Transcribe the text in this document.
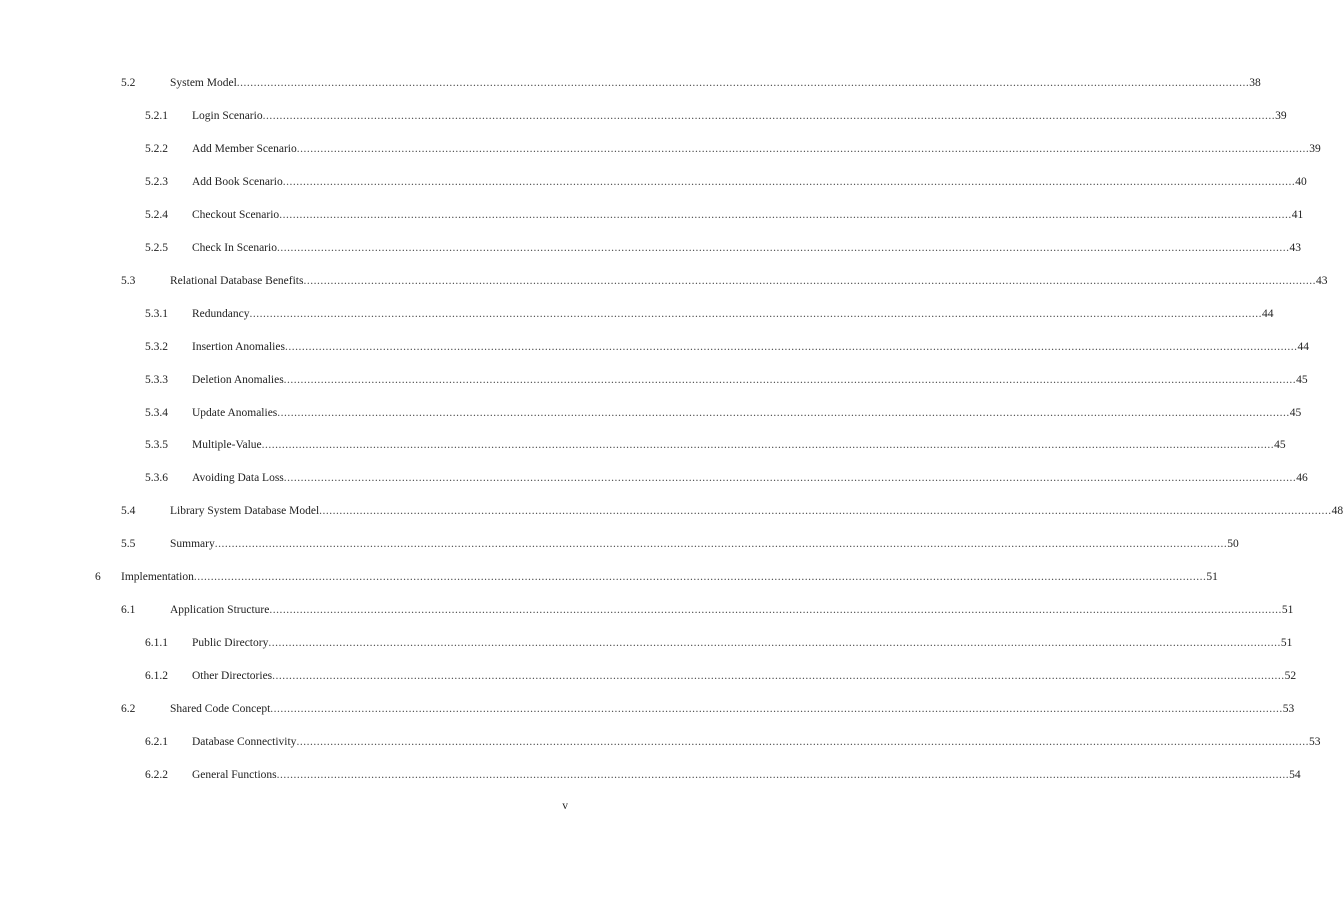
5.2	System Model ............................................................................................................................................................................................................................................................................................................ 38
5.2.1 Login Scenario ............................................................................................................................................................................................................................................................................................................ 39
5.2.2 Add Member Scenario ............................................................................................................................................................................................................................................................................................................ 39
5.2.3 Add Book Scenario ............................................................................................................................................................................................................................................................................................................ 40
5.2.4 Checkout Scenario ............................................................................................................................................................................................................................................................................................................ 41
5.2.5 Check In Scenario ............................................................................................................................................................................................................................................................................................................ 43
5.3	Relational Database Benefits ............................................................................................................................................................................................................................................................................................................ 43
5.3.1 Redundancy ............................................................................................................................................................................................................................................................................................................ 44
5.3.2 Insertion Anomalies ............................................................................................................................................................................................................................................................................................................ 44
5.3.3 Deletion Anomalies ............................................................................................................................................................................................................................................................................................................ 45
5.3.4 Update Anomalies ............................................................................................................................................................................................................................................................................................................ 45
5.3.5 Multiple-Value ............................................................................................................................................................................................................................................................................................................ 45
5.3.6 Avoiding Data Loss ............................................................................................................................................................................................................................................................................................................ 46
5.4	Library System Database Model ............................................................................................................................................................................................................................................................................................................ 48
5.5	Summary ............................................................................................................................................................................................................................................................................................................ 50
6 Implementation ............................................................................................................................................................................................................................................................................................................ 51
6.1	Application Structure ............................................................................................................................................................................................................................................................................................................ 51
6.1.1 Public Directory ............................................................................................................................................................................................................................................................................................................ 51
6.1.2 Other Directories ............................................................................................................................................................................................................................................................................................................ 52
6.2	Shared Code Concept ............................................................................................................................................................................................................................................................................................................ 53
6.2.1 Database Connectivity ............................................................................................................................................................................................................................................................................................................ 53
6.2.2 General Functions ............................................................................................................................................................................................................................................................................................................ 54
v
